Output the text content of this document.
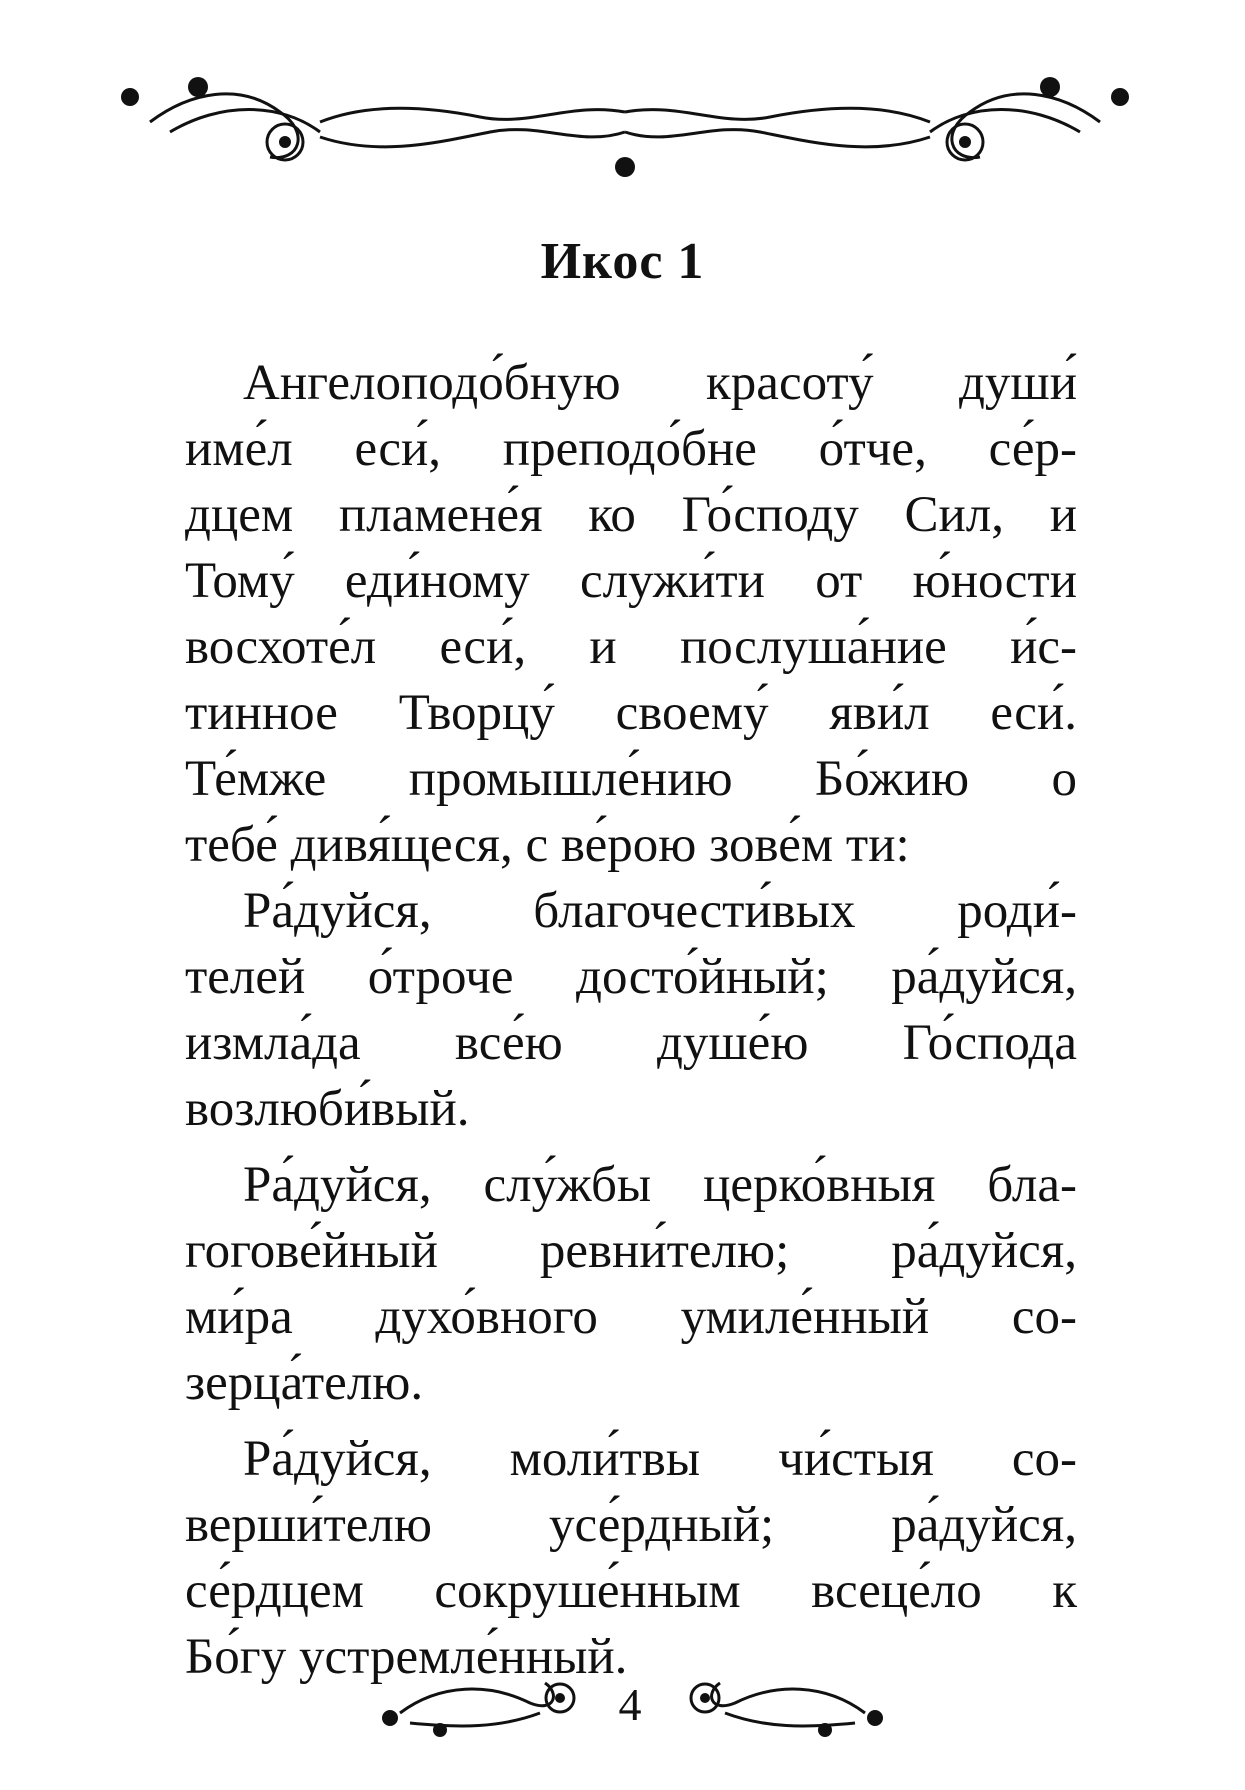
Икос 1
Ангелоподо́бную красоту́ души́
име́л еси́, преподо́бне о́тче, се́р-
дцем пламене́я ко Го́споду Сил, и
Тому́ еди́ному служи́ти от ю́ности
восхоте́л еси́, и послуша́ние и́с-
тинное Творцу́ своему́ яви́л еси́.
Те́мже промышле́нию Бо́жию о
тебе́ дивя́щеся, с ве́рою зове́м ти:
Ра́дуйся, благочести́вых роди́-
телей о́троче досто́йный; ра́дуйся,
измла́да все́ю душе́ю Го́спода
возлюби́вый.
Ра́дуйся, слу́жбы церко́вныя бла-
гогове́йный ревни́телю; ра́дуйся,
ми́ра духо́вного умиле́нный со-
зерца́телю.
Ра́дуйся, моли́твы чи́стыя со-
верши́телю усе́рдный; ра́дуйся,
се́рдцем сокруше́нным всеце́ло к
Бо́гу устремле́нный.
4
